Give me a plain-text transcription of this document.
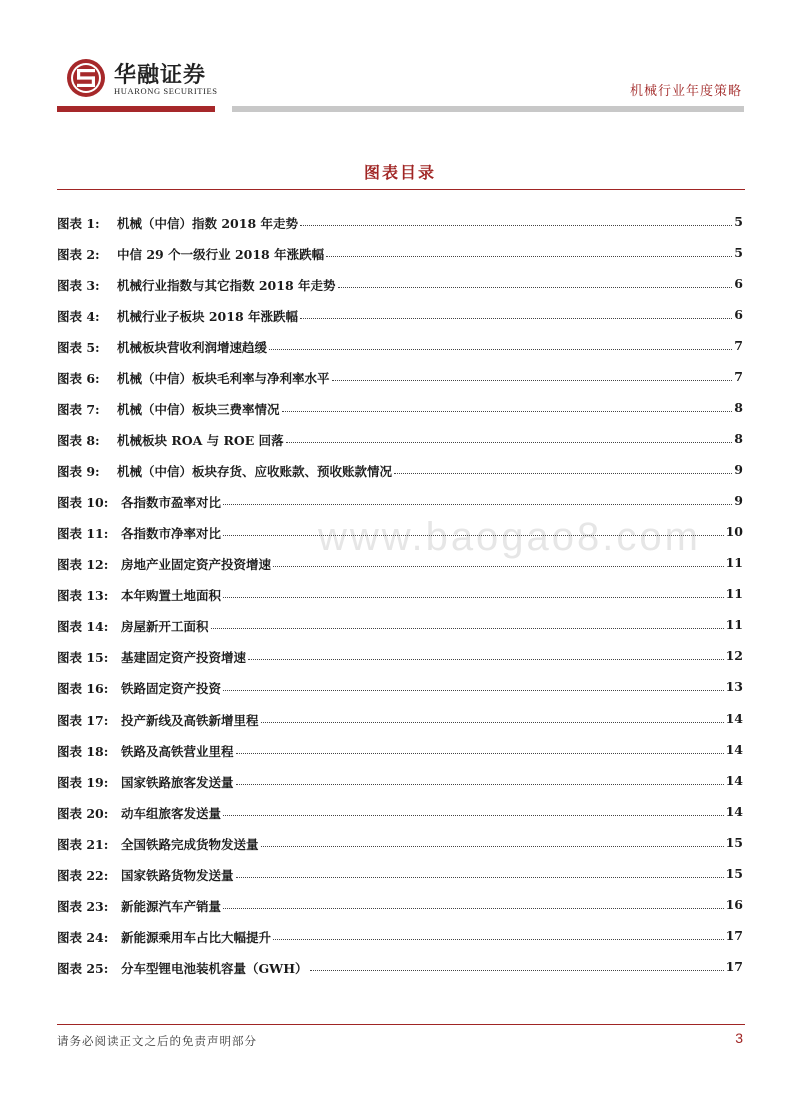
华融证券
HUARONG SECURITIES	机械行业年度策略
图表目录
www.baogao8.com
图表 1:	机械（中信）指数 2018 年走势	5
图表 2:	中信 29 个一级行业 2018 年涨跌幅	5
图表 3:	机械行业指数与其它指数 2018 年走势	6
图表 4:	机械行业子板块 2018 年涨跌幅	6
图表 5:	机械板块营收利润增速趋缓	7
图表 6:	机械（中信）板块毛利率与净利率水平	7
图表 7:	机械（中信）板块三费率情况	8
图表 8:	机械板块 ROA 与 ROE 回落	8
图表 9:	机械（中信）板块存货、应收账款、预收账款情况	9
图表 10:	各指数市盈率对比	9
图表 11:	各指数市净率对比	10
图表 12:	房地产业固定资产投资增速	11
图表 13:	本年购置土地面积	11
图表 14:	房屋新开工面积	11
图表 15:	基建固定资产投资增速	12
图表 16:	铁路固定资产投资	13
图表 17:	投产新线及高铁新增里程	14
图表 18:	铁路及高铁营业里程	14
图表 19:	国家铁路旅客发送量	14
图表 20:	动车组旅客发送量	14
图表 21:	全国铁路完成货物发送量	15
图表 22:	国家铁路货物发送量	15
图表 23:	新能源汽车产销量	16
图表 24:	新能源乘用车占比大幅提升	17
图表 25:	分车型锂电池装机容量（GWH）	17
请务必阅读正文之后的免责声明部分	3
